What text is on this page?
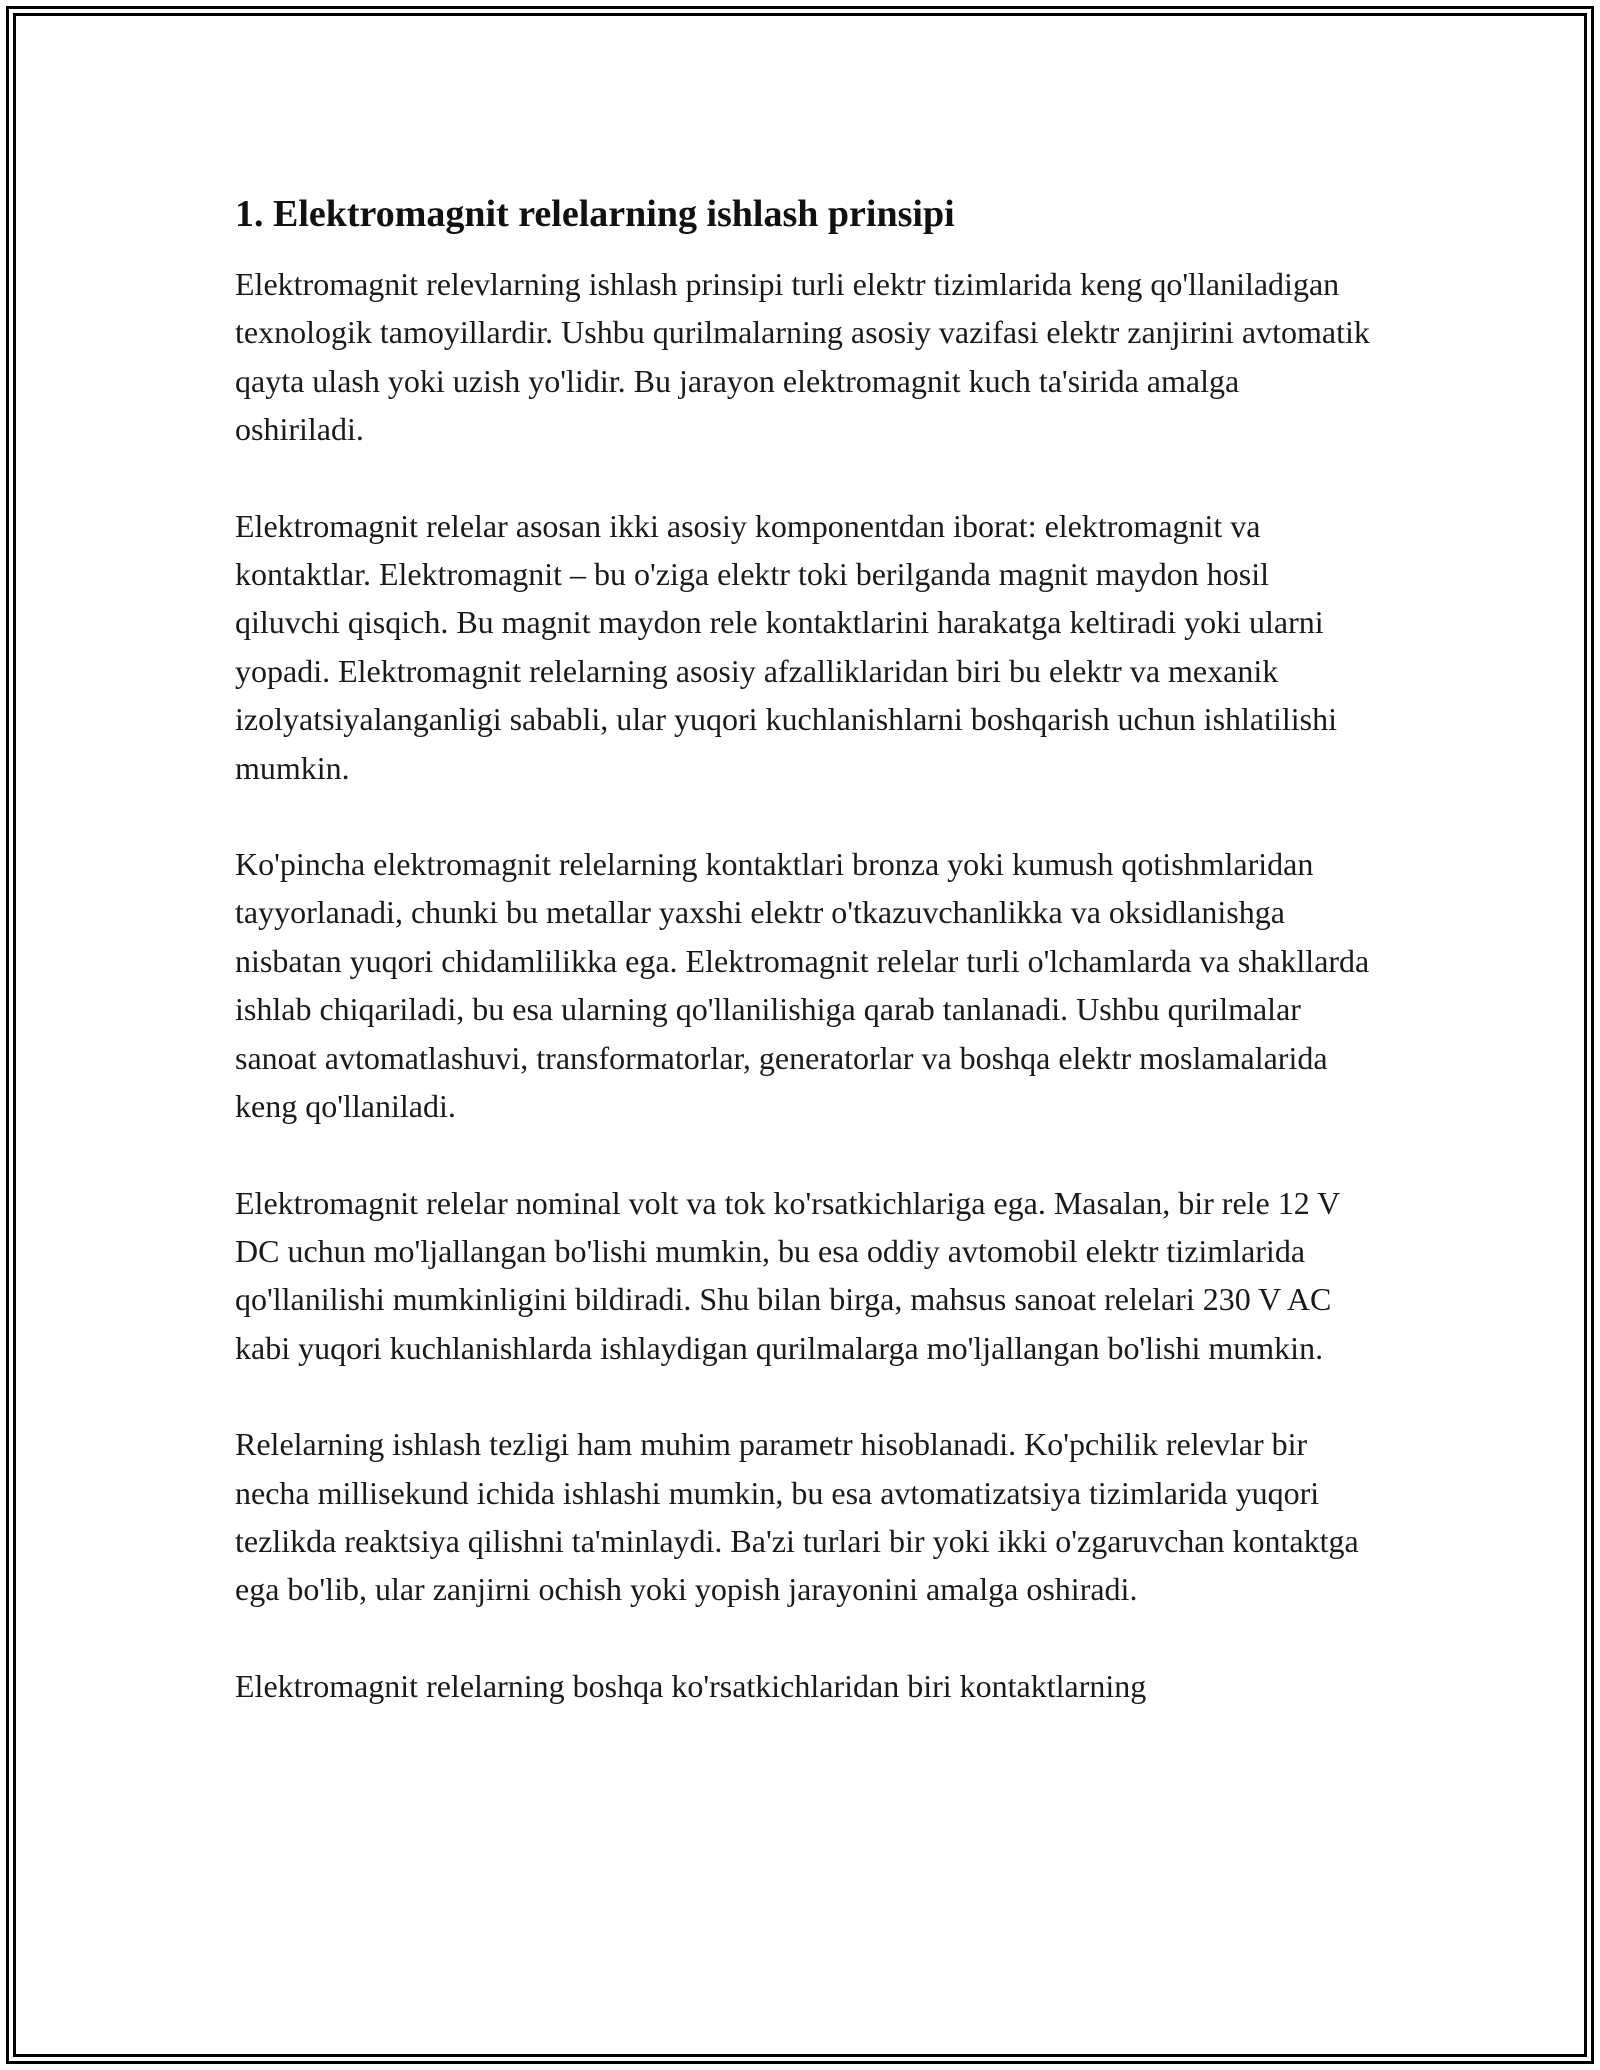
1. Elektromagnit relelarning ishlash prinsipi

Elektromagnit relevlarning ishlash prinsipi turli elektr tizimlarida keng qo'llaniladigan texnologik tamoyillardir. Ushbu qurilmalarning asosiy vazifasi elektr zanjirini avtomatik qayta ulash yoki uzish yo'lidir. Bu jarayon elektromagnit kuch ta'sirida amalga oshiriladi.

Elektromagnit relelar asosan ikki asosiy komponentdan iborat: elektromagnit va kontaktlar. Elektromagnit – bu o'ziga elektr toki berilganda magnit maydon hosil qiluvchi qisqich. Bu magnit maydon rele kontaktlarini harakatga keltiradi yoki ularni yopadi. Elektromagnit relelarning asosiy afzalliklaridan biri bu elektr va mexanik izolyatsiyalanganligi sababli, ular yuqori kuchlanishlarni boshqarish uchun ishlatilishi mumkin.

Ko'pincha elektromagnit relelarning kontaktlari bronza yoki kumush qotishmlaridan tayyorlanadi, chunki bu metallar yaxshi elektr o'tkazuvchanlikka va oksidlanishga nisbatan yuqori chidamlilikka ega. Elektromagnit relelar turli o'lchamlarda va shakllarda ishlab chiqariladi, bu esa ularning qo'llanilishiga qarab tanlanadi. Ushbu qurilmalar sanoat avtomatlashuvi, transformatorlar, generatorlar va boshqa elektr moslamalarida keng qo'llaniladi.

Elektromagnit relelar nominal volt va tok ko'rsatkichlariga ega. Masalan, bir rele 12 V DC uchun mo'ljallangan bo'lishi mumkin, bu esa oddiy avtomobil elektr tizimlarida qo'llanilishi mumkinligini bildiradi. Shu bilan birga, mahsus sanoat relelari 230 V AC kabi yuqori kuchlanishlarda ishlaydigan qurilmalarga mo'ljallangan bo'lishi mumkin.

Relelarning ishlash tezligi ham muhim parametr hisoblanadi. Ko'pchilik relevlar bir necha millisekund ichida ishlashi mumkin, bu esa avtomatizatsiya tizimlarida yuqori tezlikda reaktsiya qilishni ta'minlaydi. Ba'zi turlari bir yoki ikki o'zgaruvchan kontaktga ega bo'lib, ular zanjirni ochish yoki yopish jarayonini amalga oshiradi.

Elektromagnit relelarning boshqa ko'rsatkichlaridan biri kontaktlarning
